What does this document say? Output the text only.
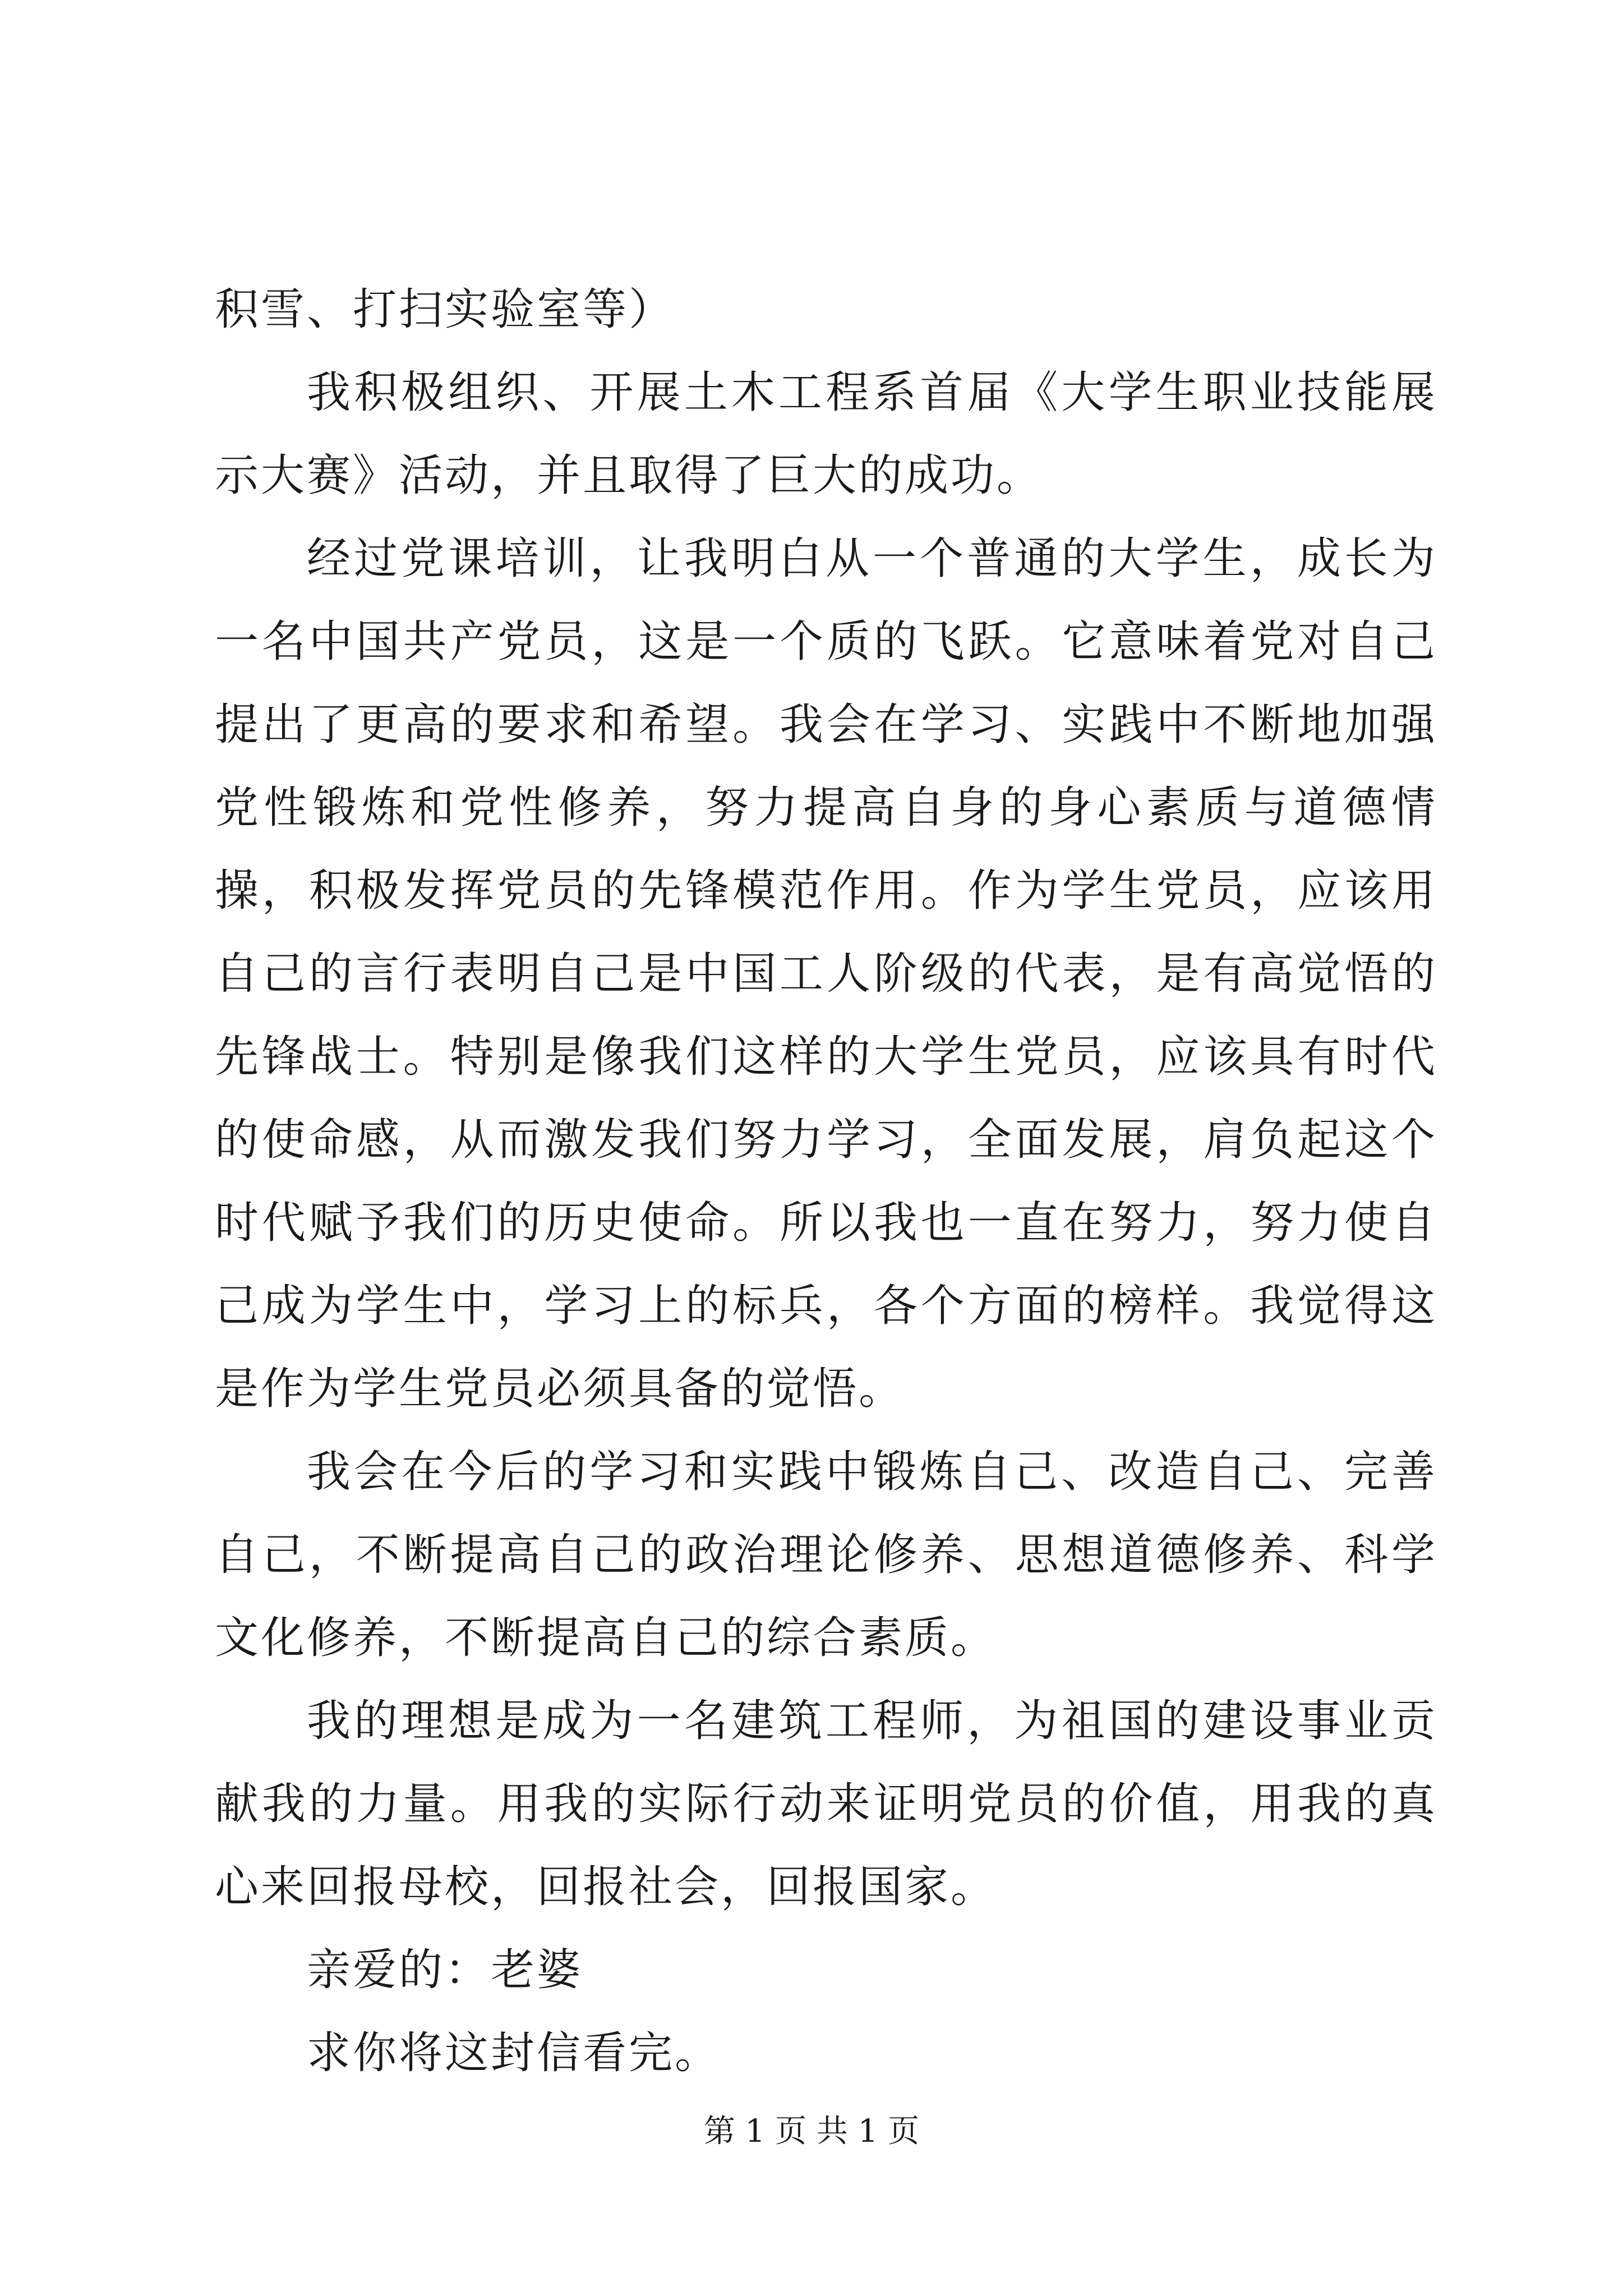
积雪、打扫实验室等）

我积极组织、开展土木工程系首届《大学生职业技能展示大赛》活动，并且取得了巨大的成功。

经过党课培训，让我明白从一个普通的大学生，成长为一名中国共产党员，这是一个质的飞跃。它意味着党对自己提出了更高的要求和希望。我会在学习、实践中不断地加强党性锻炼和党性修养，努力提高自身的身心素质与道德情操，积极发挥党员的先锋模范作用。作为学生党员，应该用自己的言行表明自己是中国工人阶级的代表，是有高觉悟的先锋战士。特别是像我们这样的大学生党员，应该具有时代的使命感，从而激发我们努力学习，全面发展，肩负起这个时代赋予我们的历史使命。所以我也一直在努力，努力使自己成为学生中，学习上的标兵，各个方面的榜样。我觉得这是作为学生党员必须具备的觉悟。

我会在今后的学习和实践中锻炼自己、改造自己、完善自己，不断提高自己的政治理论修养、思想道德修养、科学文化修养，不断提高自己的综合素质。

我的理想是成为一名建筑工程师，为祖国的建设事业贡献我的力量。用我的实际行动来证明党员的价值，用我的真心来回报母校，回报社会，回报国家。

亲爱的：老婆

求你将这封信看完。

第 1 页 共 1 页
